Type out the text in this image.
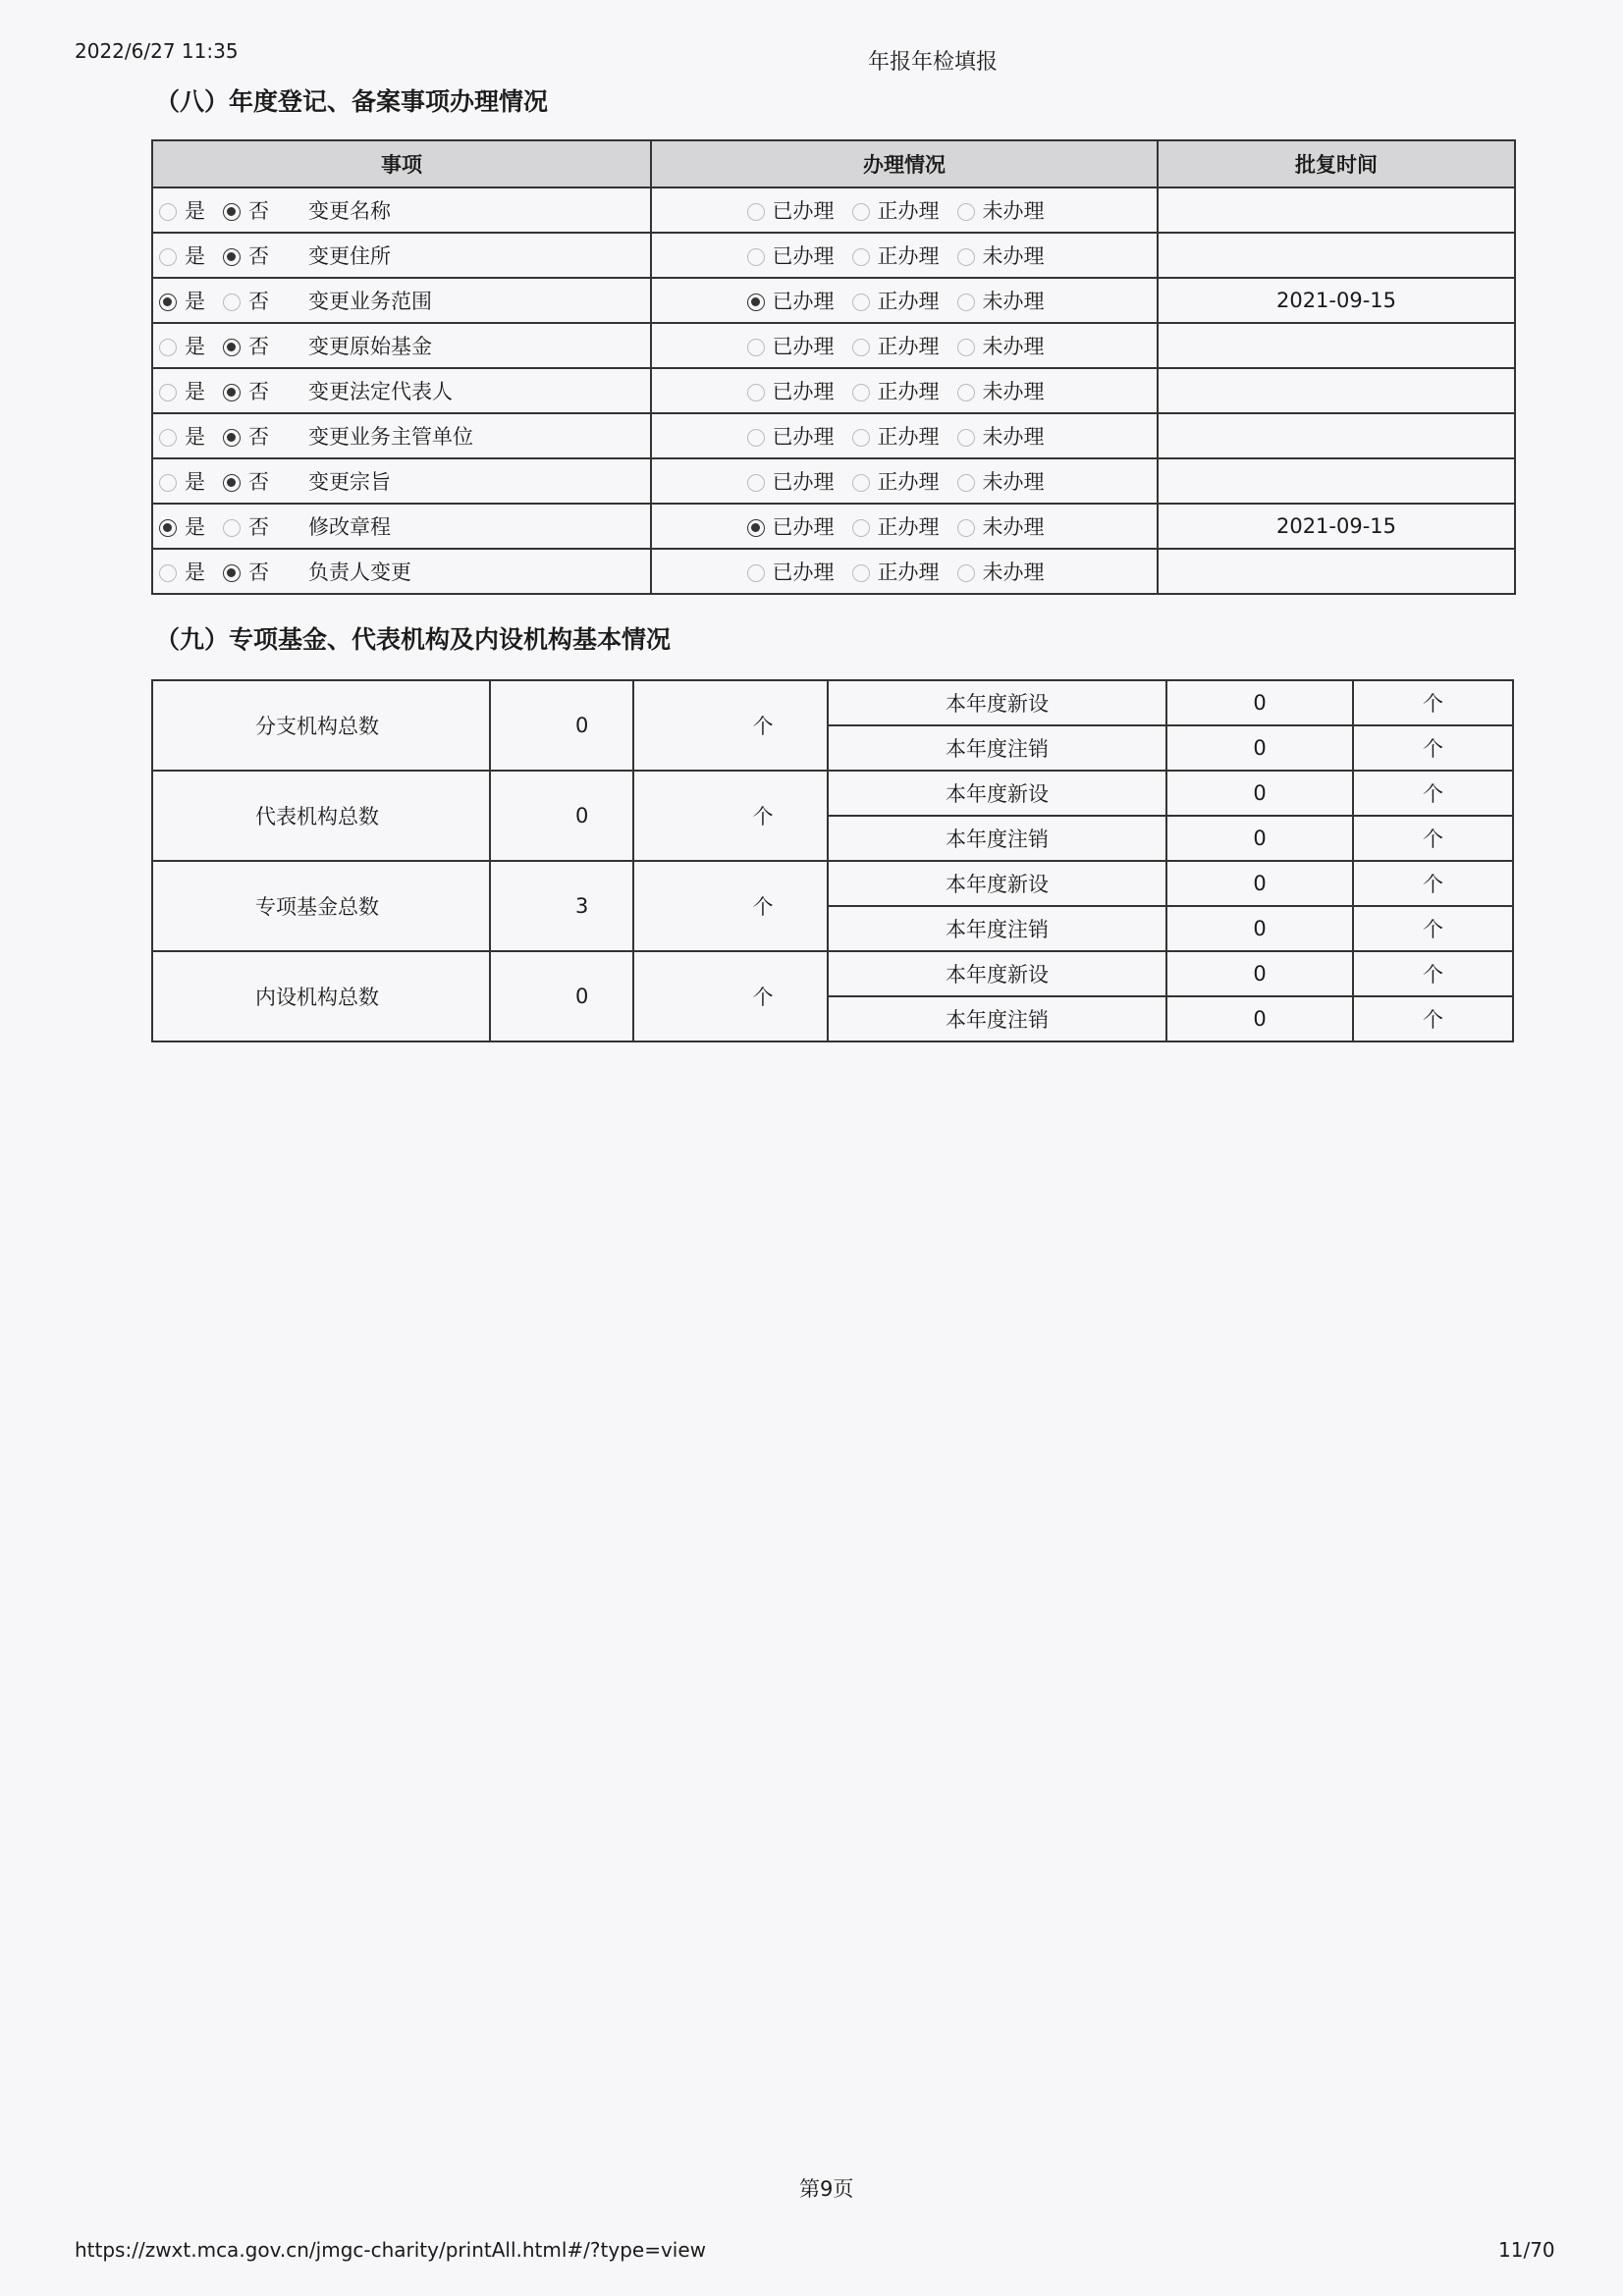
2022/6/27 11:35	年报年检填报
（八）年度登记、备案事项办理情况
事项	办理情况	批复时间
是 否 变更名称	已办理 正办理 未办理	
是 否 变更住所	已办理 正办理 未办理	
是 否 变更业务范围	已办理 正办理 未办理	2021-09-15
是 否 变更原始基金	已办理 正办理 未办理	
是 否 变更法定代表人	已办理 正办理 未办理	
是 否 变更业务主管单位	已办理 正办理 未办理	
是 否 变更宗旨	已办理 正办理 未办理	
是 否 修改章程	已办理 正办理 未办理	2021-09-15
是 否 负责人变更	已办理 正办理 未办理	
（九）专项基金、代表机构及内设机构基本情况
分支机构总数	0	个	本年度新设	0	个
			本年度注销	0	个
代表机构总数	0	个	本年度新设	0	个
			本年度注销	0	个
专项基金总数	3	个	本年度新设	0	个
			本年度注销	0	个
内设机构总数	0	个	本年度新设	0	个
			本年度注销	0	个
第9页
https://zwxt.mca.gov.cn/jmgc-charity/printAll.html#/?type=view	11/70
